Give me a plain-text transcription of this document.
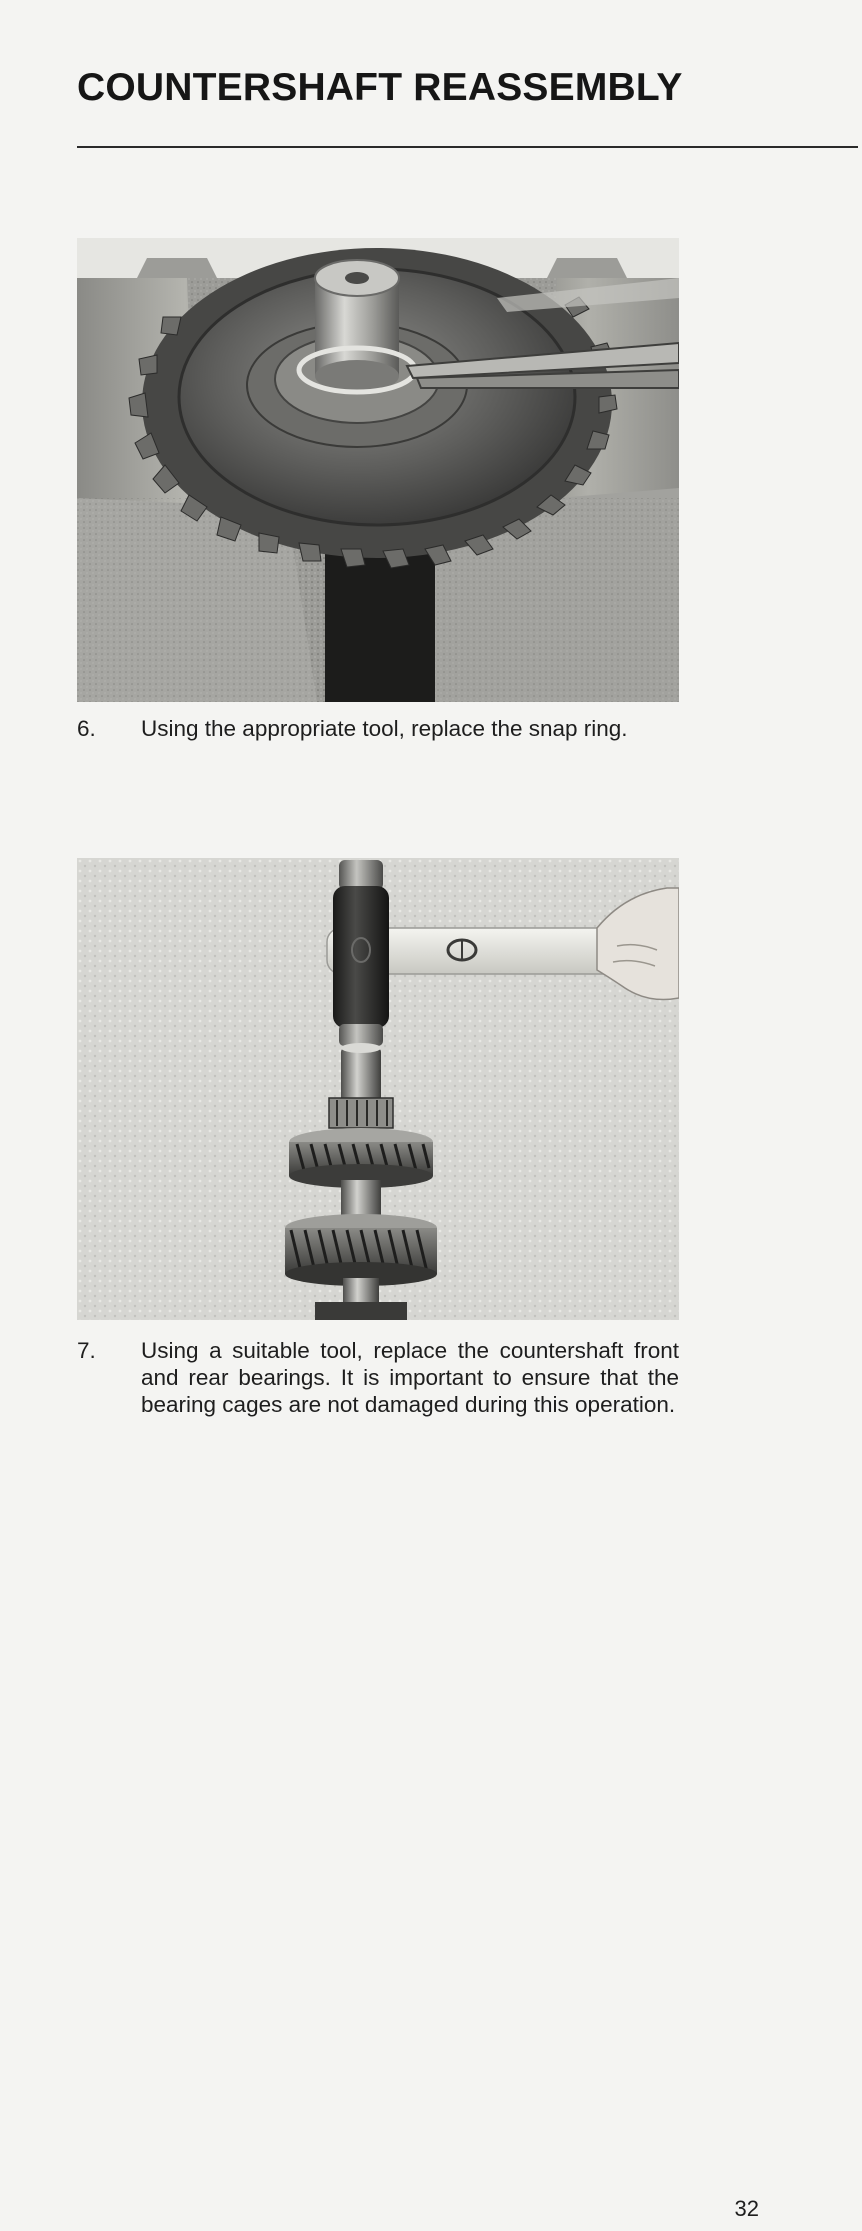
COUNTERSHAFT REASSEMBLY
6. Using the appropriate tool, replace the snap ring.
7. Using a suitable tool, replace the countershaft front and rear bearings. It is important to ensure that the bearing cages are not damaged during this operation.
32
